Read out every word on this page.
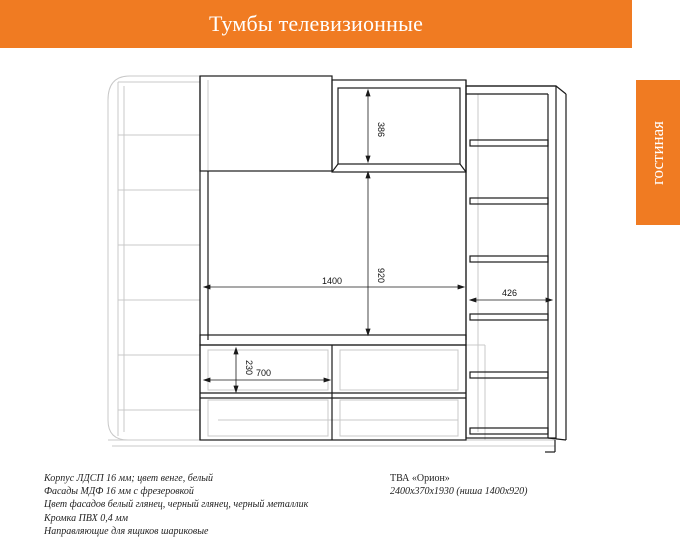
Тумбы телевизионные
гостиная
1400	920
386
426
700
230
Корпус ЛДСП 16 мм; цвет венге, белый
Фасады МДФ 16 мм с фрезеровкой
Цвет фасадов белый глянец, черный глянец, черный металлик
Кромка ПВХ 0,4 мм
Направляющие для ящиков шариковые
ТВА «Орион»
2400х370х1930 (ниша 1400х920)
